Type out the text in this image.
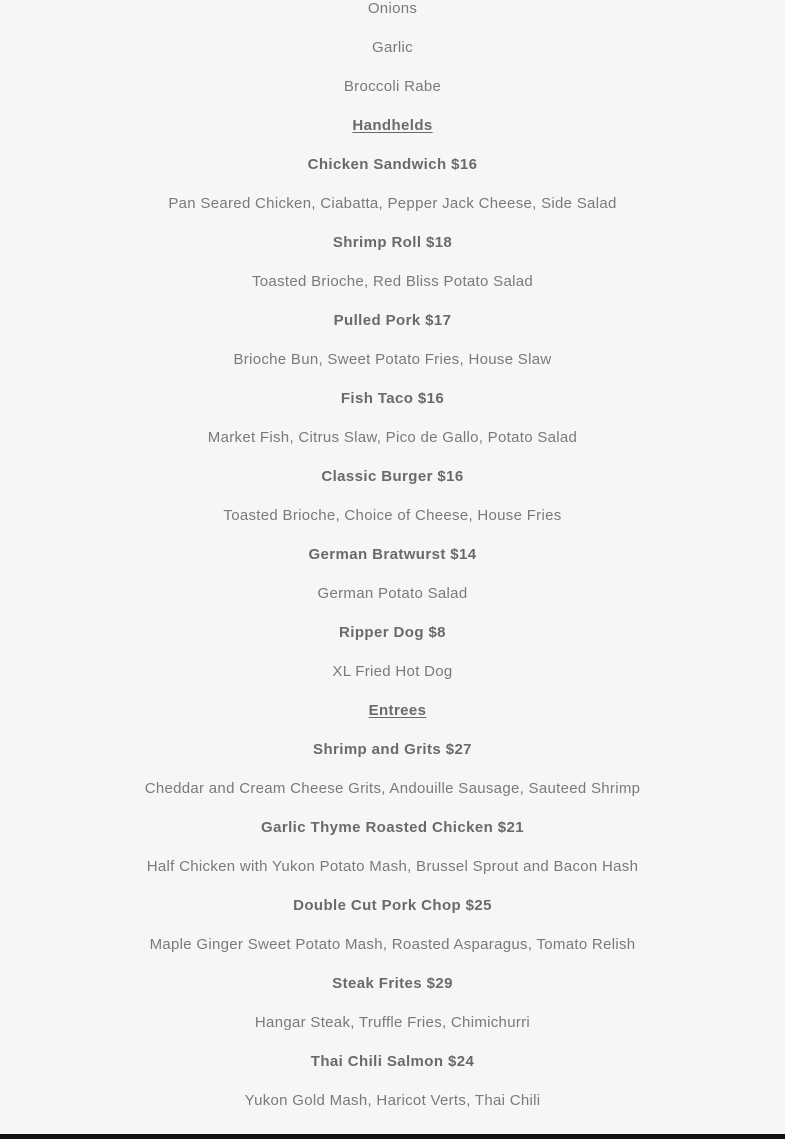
Onions
Garlic
Broccoli Rabe
Handhelds
Chicken Sandwich $16
Pan Seared Chicken, Ciabatta, Pepper Jack Cheese, Side Salad
Shrimp Roll $18
Toasted Brioche, Red Bliss Potato Salad
Pulled Pork $17
Brioche Bun, Sweet Potato Fries, House Slaw
Fish Taco $16
Market Fish, Citrus Slaw, Pico de Gallo, Potato Salad
Classic Burger $16
Toasted Brioche, Choice of Cheese, House Fries
German Bratwurst $14
German Potato Salad
Ripper Dog $8
XL Fried Hot Dog
Entrees
Shrimp and Grits $27
Cheddar and Cream Cheese Grits, Andouille Sausage, Sauteed Shrimp
Garlic Thyme Roasted Chicken $21
Half Chicken with Yukon Potato Mash, Brussel Sprout and Bacon Hash
Double Cut Pork Chop $25
Maple Ginger Sweet Potato Mash, Roasted Asparagus, Tomato Relish
Steak Frites $29
Hangar Steak, Truffle Fries, Chimichurri
Thai Chili Salmon $24
Yukon Gold Mash, Haricot Verts, Thai Chili
